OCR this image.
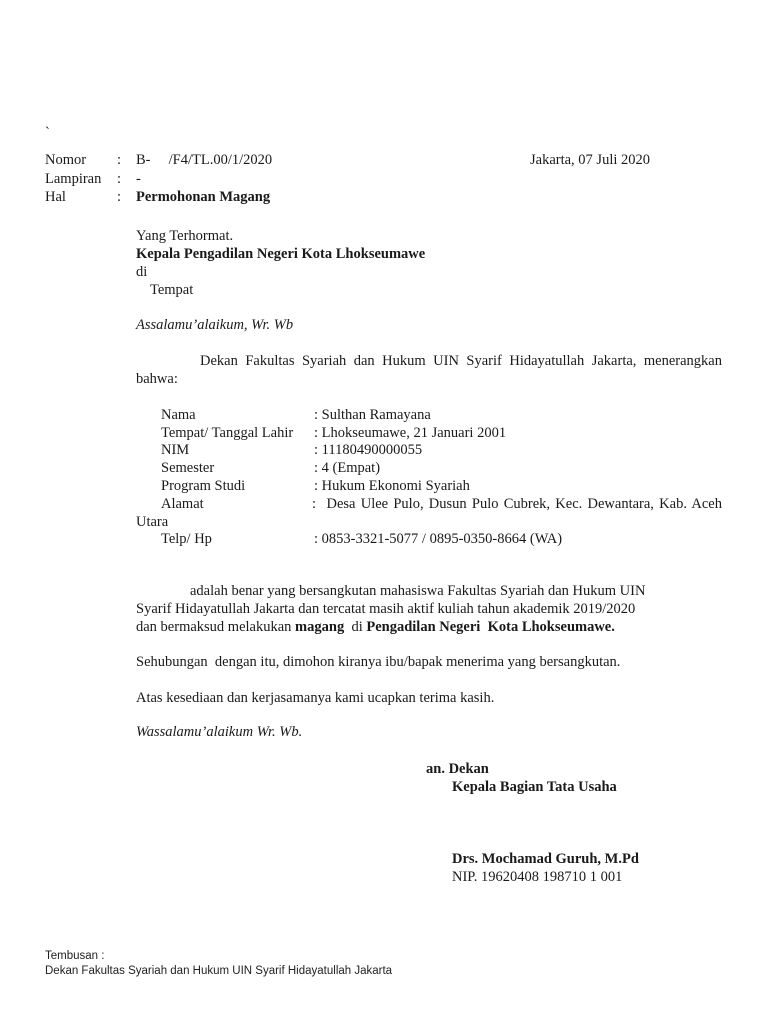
`
Nomor : B-     /F4/TL.00/1/2020	Jakarta, 07 Juli 2020
Lampiran : -
Hal	: Permohonan Magang
Yang Terhormat.
Kepala Pengadilan Negeri Kota Lhokseumawe
di
Tempat
Assalamu’alaikum, Wr. Wb
Dekan Fakultas Syariah dan Hukum UIN Syarif Hidayatullah Jakarta, menerangkan
bahwa:
Nama	: Sulthan Ramayana
Tempat/ Tanggal Lahir : Lhokseumawe, 21 Januari 2001
NIM	: 11180490000055
Semester	: 4 (Empat)
Program Studi	: Hukum Ekonomi Syariah
Alamat	:  Desa Ulee Pulo, Dusun Pulo Cubrek, Kec. Dewantara, Kab. Aceh
Utara
Telp/ Hp	: 0853-3321-5077 / 0895-0350-8664 (WA)
adalah benar yang bersangkutan mahasiswa Fakultas Syariah dan Hukum UIN
Syarif Hidayatullah Jakarta dan tercatat masih aktif kuliah tahun akademik 2019/2020
dan bermaksud melakukan magang  di Pengadilan Negeri  Kota Lhokseumawe.
Sehubungan  dengan itu, dimohon kiranya ibu/bapak menerima yang bersangkutan.
Atas kesediaan dan kerjasamanya kami ucapkan terima kasih.
Wassalamu’alaikum Wr. Wb.
an. Dekan
Kepala Bagian Tata Usaha
Drs. Mochamad Guruh, M.Pd
NIP. 19620408 198710 1 001
Tembusan :
Dekan Fakultas Syariah dan Hukum UIN Syarif Hidayatullah Jakarta
